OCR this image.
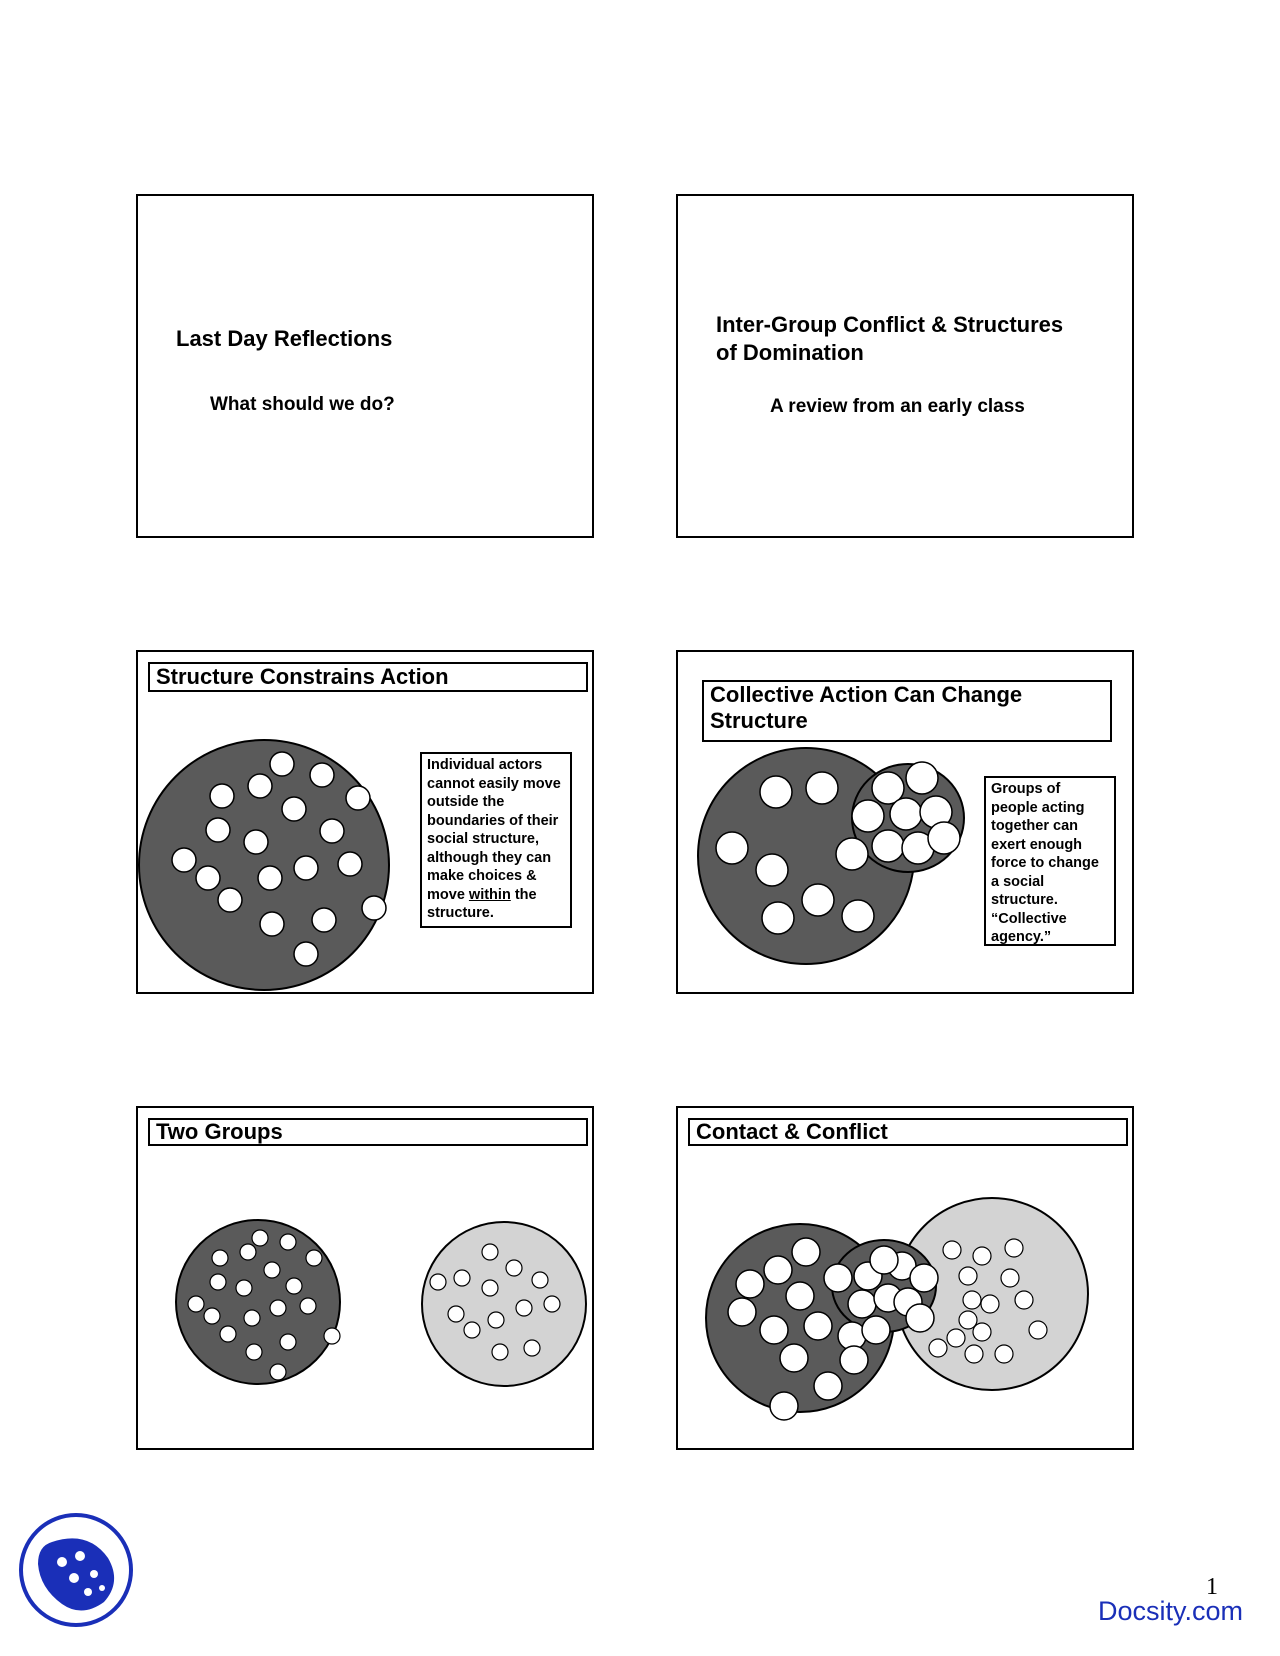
Last Day Reflections
What should we do?
Inter-Group Conflict & Structures
of Domination
A review from an early class
Structure Constrains Action
Individual actors
cannot easily move
outside the
boundaries of their
social structure,
although they can
make choices &
move within the
structure.
Collective Action Can Change
Structure
Groups of
people acting
together can
exert enough
force to change
a social
structure.
“Collective
agency.”
Two Groups	Contact & Conflict
1
Docsity.com
